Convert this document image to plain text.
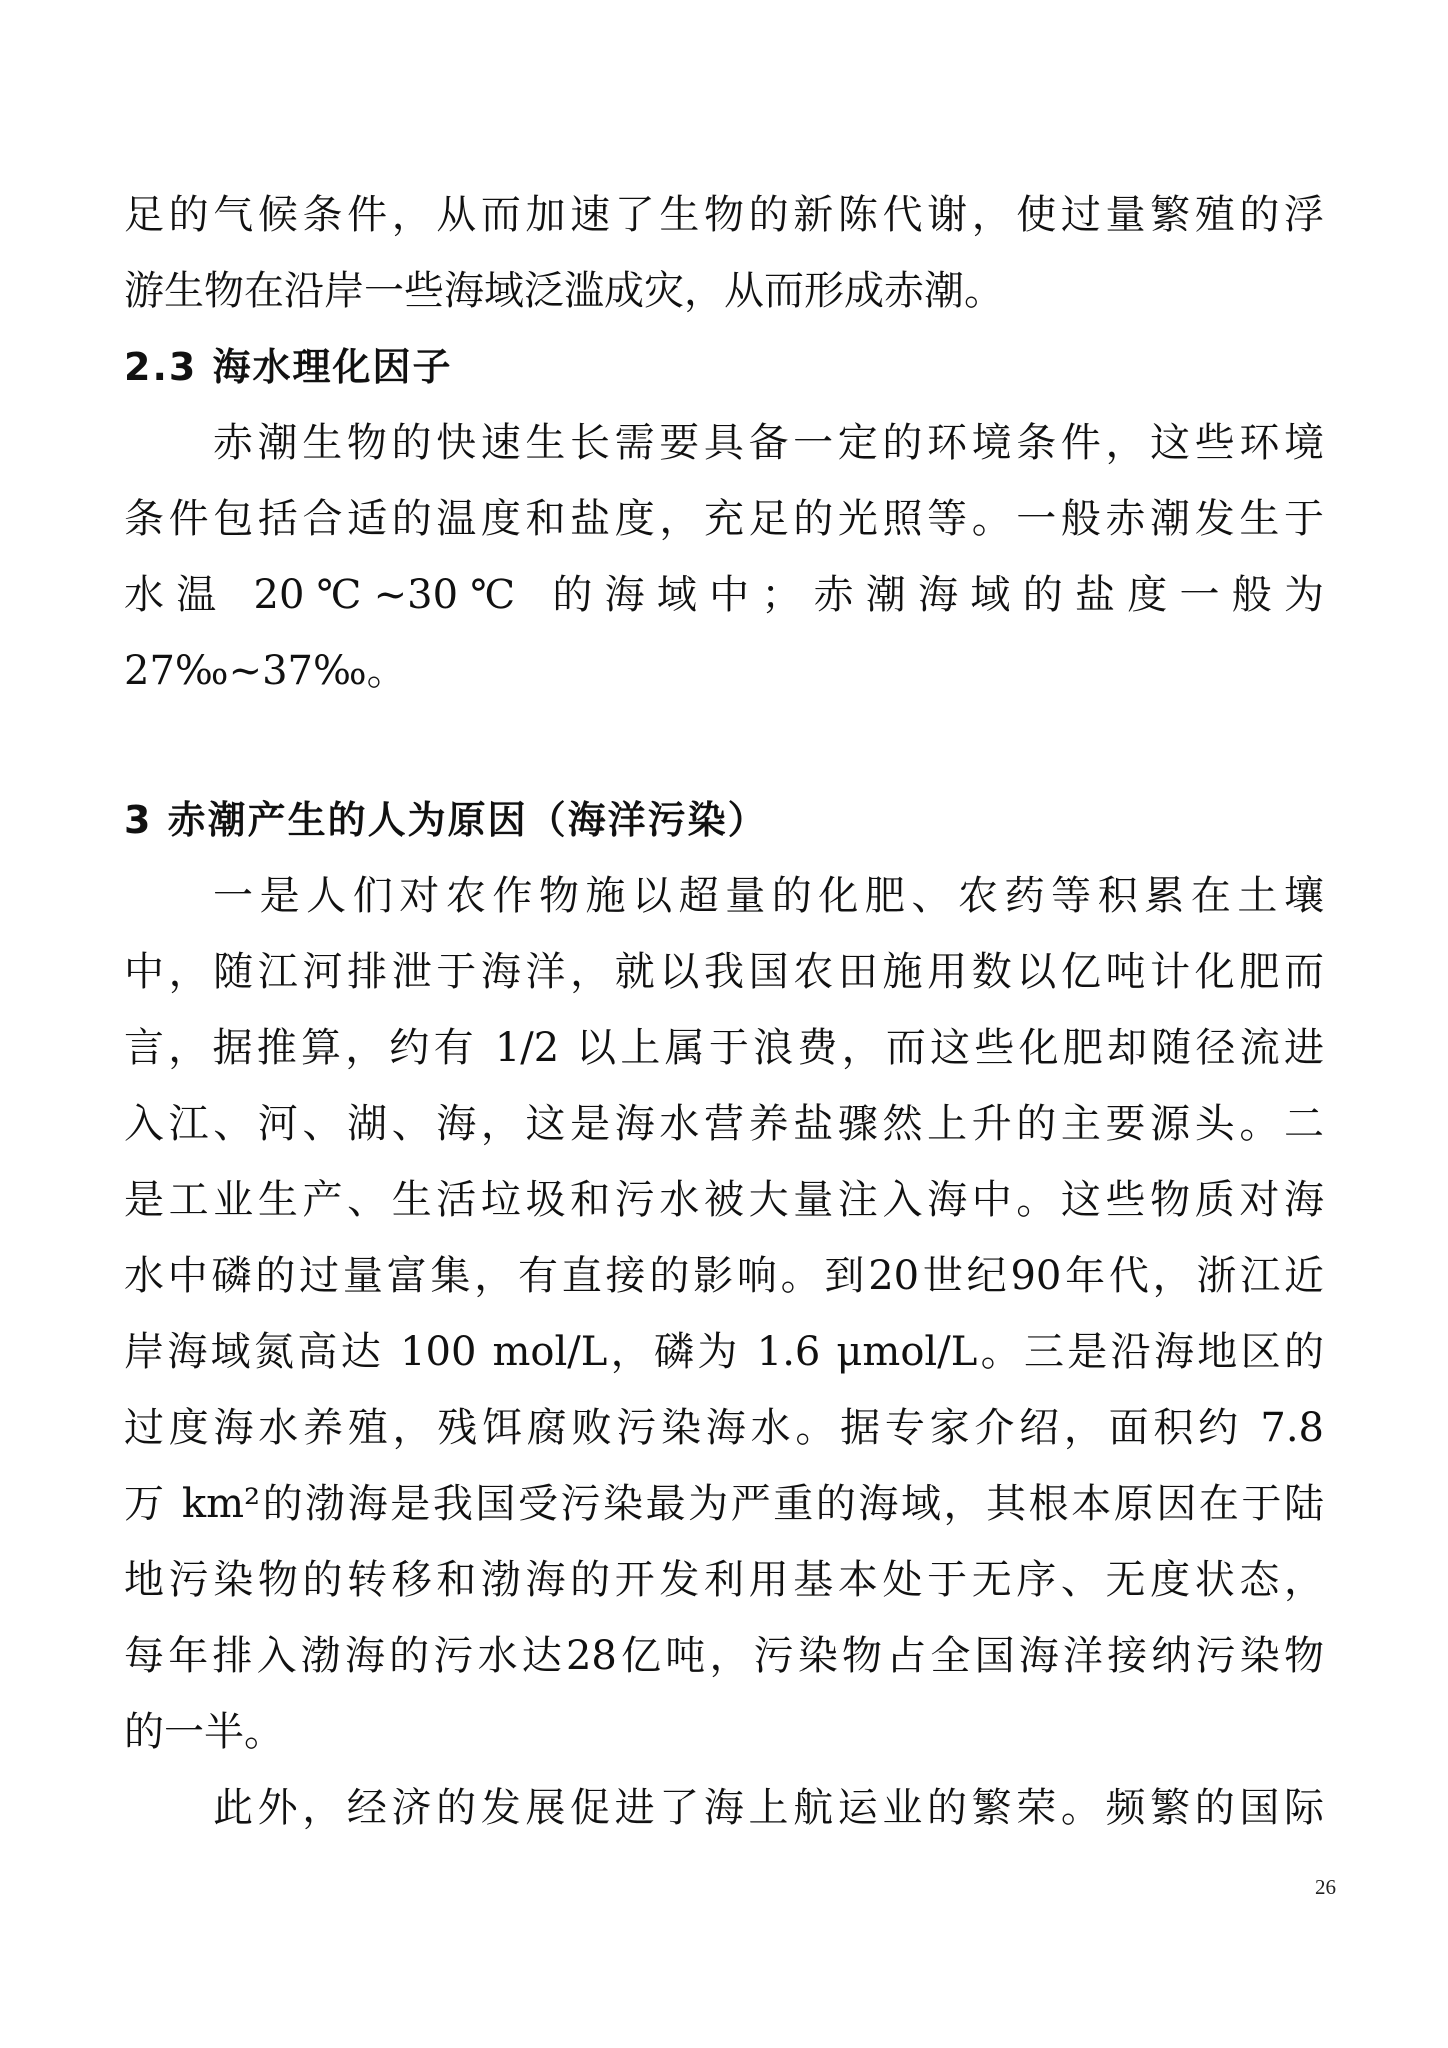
足的气候条件，从而加速了生物的新陈代谢，使过量繁殖的浮
游生物在沿岸一些海域泛滥成灾，从而形成赤潮。
2.3 海水理化因子
赤潮生物的快速生长需要具备一定的环境条件，这些环境
条件包括合适的温度和盐度，充足的光照等。一般赤潮发生于
水温 20℃~30℃ 的海域中；赤潮海域的盐度一般为
27‰~37‰。
3 赤潮产生的人为原因（海洋污染）
一是人们对农作物施以超量的化肥、农药等积累在土壤
中，随江河排泄于海洋，就以我国农田施用数以亿吨计化肥而
言，据推算，约有 1/2 以上属于浪费，而这些化肥却随径流进
入江、河、湖、海，这是海水营养盐骤然上升的主要源头。二
是工业生产、生活垃圾和污水被大量注入海中。这些物质对海
水中磷的过量富集，有直接的影响。到20世纪90年代，浙江近
岸海域氮高达 100 mol/L，磷为 1.6 μmol/L。三是沿海地区的
过度海水养殖，残饵腐败污染海水。据专家介绍，面积约 7.8
万 km²的渤海是我国受污染最为严重的海域，其根本原因在于陆
地污染物的转移和渤海的开发利用基本处于无序、无度状态，
每年排入渤海的污水达28亿吨，污染物占全国海洋接纳污染物
的一半。
此外，经济的发展促进了海上航运业的繁荣。频繁的国际
26
